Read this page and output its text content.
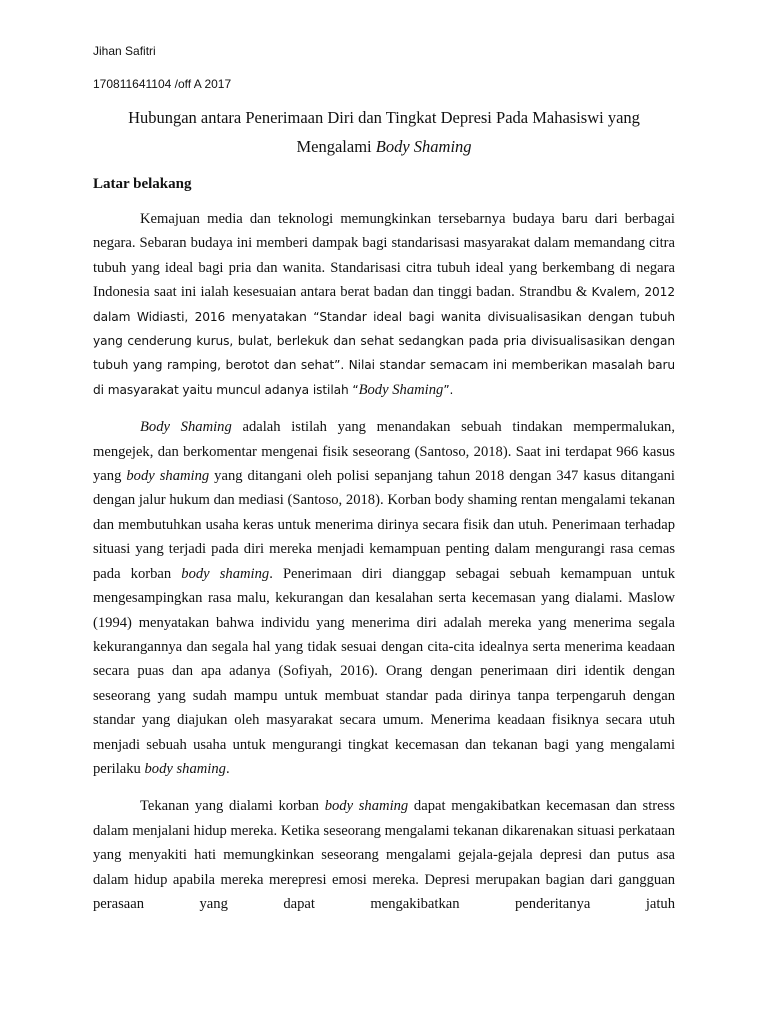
Jihan Safitri
170811641104 /off A 2017
Hubungan antara Penerimaan Diri dan Tingkat Depresi Pada Mahasiswi yang Mengalami Body Shaming
Latar belakang

Kemajuan media dan teknologi memungkinkan tersebarnya budaya baru dari berbagai negara. Sebaran budaya ini memberi dampak bagi standarisasi masyarakat dalam memandang citra tubuh yang ideal bagi pria dan wanita. Standarisasi citra tubuh ideal yang berkembang di negara Indonesia saat ini ialah kesesuaian antara berat badan dan tinggi badan. Strandbu & Kvalem, 2012 dalam Widiasti, 2016 menyatakan “Standar ideal bagi wanita divisualisasikan dengan tubuh yang cenderung kurus, bulat, berlekuk dan sehat sedangkan pada pria divisualisasikan dengan tubuh yang ramping, berotot dan sehat”. Nilai standar semacam ini memberikan masalah baru di masyarakat yaitu muncul adanya istilah “Body Shaming”.

Body Shaming adalah istilah yang menandakan sebuah tindakan mempermalukan, mengejek, dan berkomentar mengenai fisik seseorang (Santoso, 2018). Saat ini terdapat 966 kasus yang body shaming yang ditangani oleh polisi sepanjang tahun 2018 dengan 347 kasus ditangani dengan jalur hukum dan mediasi (Santoso, 2018). Korban body shaming rentan mengalami tekanan dan membutuhkan usaha keras untuk menerima dirinya secara fisik dan utuh. Penerimaan terhadap situasi yang terjadi pada diri mereka menjadi kemampuan penting dalam mengurangi rasa cemas pada korban body shaming. Penerimaan diri dianggap sebagai sebuah kemampuan untuk mengesampingkan rasa malu, kekurangan dan kesalahan serta kecemasan yang dialami. Maslow (1994) menyatakan bahwa individu yang menerima diri adalah mereka yang menerima segala kekurangannya dan segala hal yang tidak sesuai dengan cita-cita idealnya serta menerima keadaan secara puas dan apa adanya (Sofiyah, 2016). Orang dengan penerimaan diri identik dengan seseorang yang sudah mampu untuk membuat standar pada dirinya tanpa terpengaruh dengan standar yang diajukan oleh masyarakat secara umum. Menerima keadaan fisiknya secara utuh menjadi sebuah usaha untuk mengurangi tingkat kecemasan dan tekanan bagi yang mengalami perilaku body shaming.

Tekanan yang dialami korban body shaming dapat mengakibatkan kecemasan dan stress dalam menjalani hidup mereka. Ketika seseorang mengalami tekanan dikarenakan situasi perkataan yang menyakiti hati memungkinkan seseorang mengalami gejala-gejala depresi dan putus asa dalam hidup apabila mereka merepresi emosi mereka. Depresi merupakan bagian dari gangguan perasaan yang dapat mengakibatkan penderitanya jatuh
